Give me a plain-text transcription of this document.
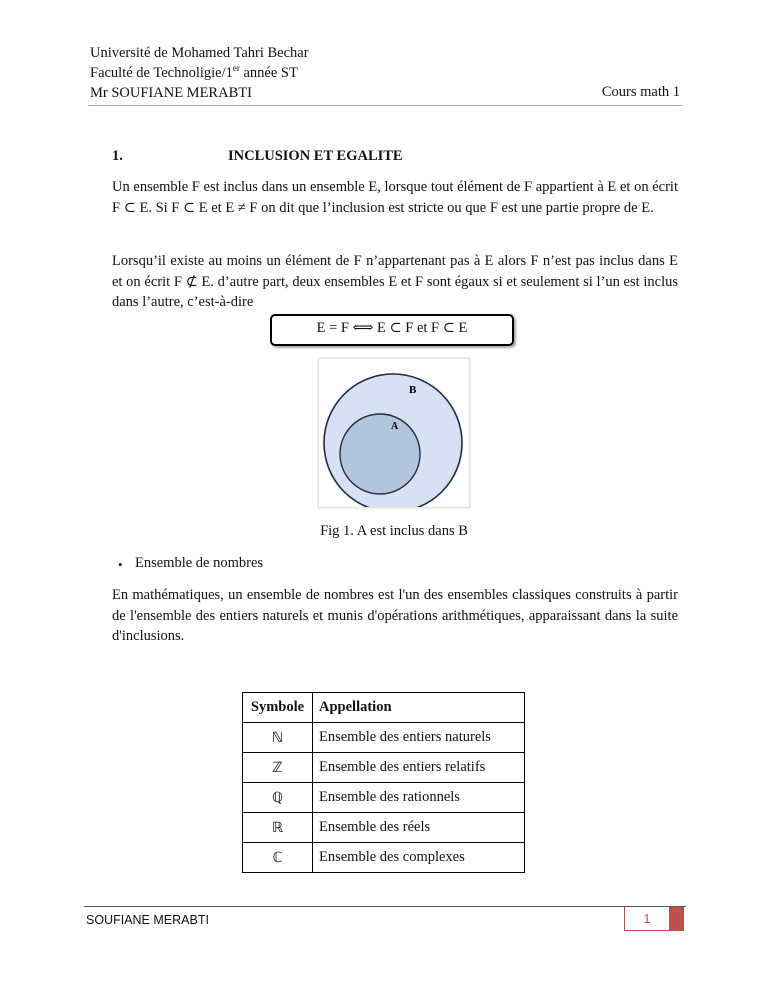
Université de Mohamed Tahri Bechar
Faculté de Technoligie/1er année ST
Mr SOUFIANE MERABTI	Cours math 1
1.	INCLUSION ET EGALITE
Un ensemble F est inclus dans un ensemble E, lorsque tout élément de F appartient à E et on écrit F ⊂ E. Si F ⊂ E et E ≠ F on dit que l’inclusion est stricte ou que F est une partie propre de E.
Lorsqu’il existe au moins un élément de F n’appartenant pas à E alors F n’est pas inclus dans E et on écrit F ⊄ E. d’autre part, deux ensembles E et F sont égaux si et seulement si l’un est inclus dans l’autre, c’est-à-dire
E = F ⟺ E ⊂ F et F ⊂ E
B
A
Fig 1. A est inclus dans B
• Ensemble de nombres
En mathématiques, un ensemble de nombres est l'un des ensembles classiques construits à partir de l'ensemble des entiers naturels et munis d'opérations arithmétiques, apparaissant dans la suite d'inclusions.
Symbole	Appellation
ℕ	Ensemble des entiers naturels
ℤ	Ensemble des entiers relatifs
ℚ	Ensemble des rationnels
ℝ	Ensemble des réels
ℂ	Ensemble des complexes
SOUFIANE MERABTI	1
